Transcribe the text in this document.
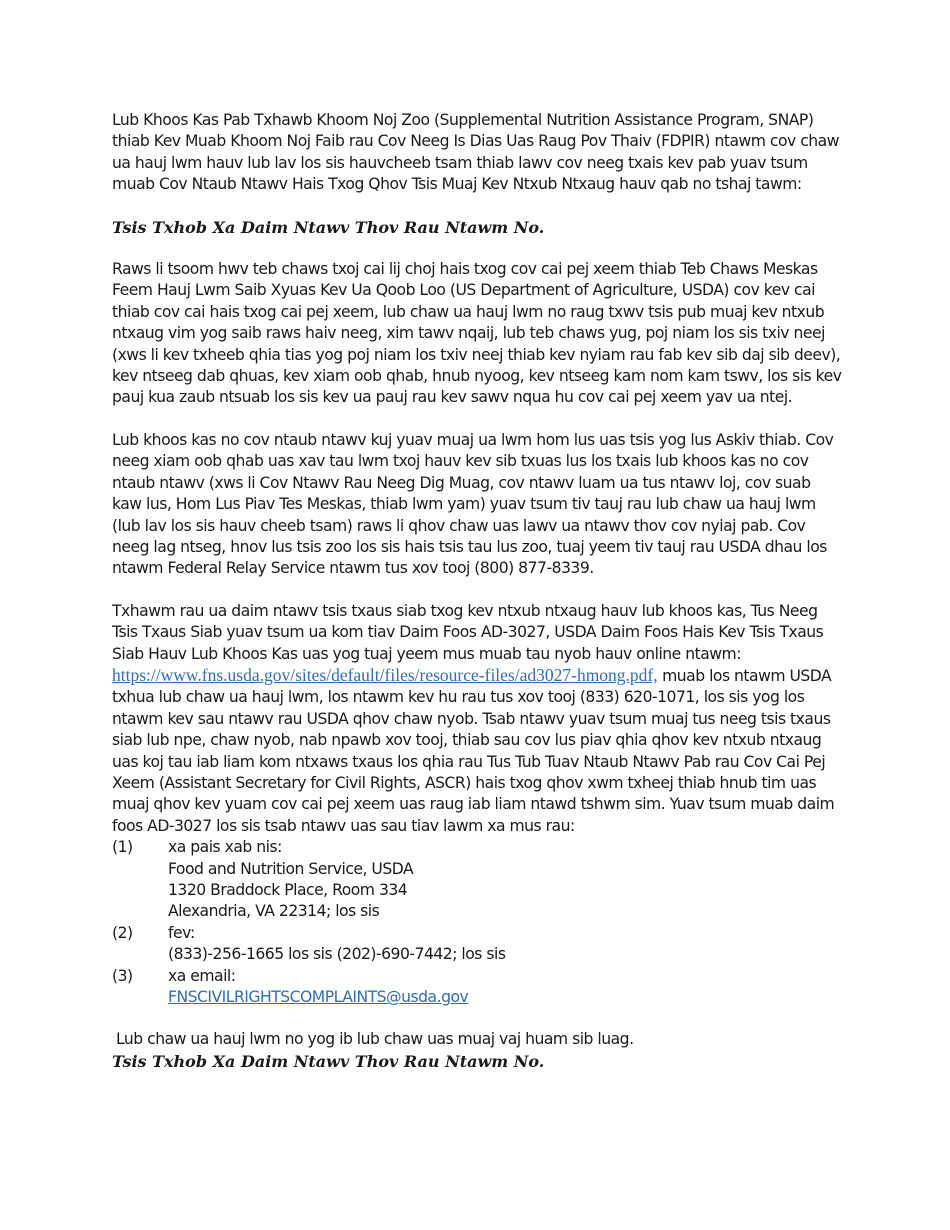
Lub Khoos Kas Pab Txhawb Khoom Noj Zoo (Supplemental Nutrition Assistance Program, SNAP) thiab Kev Muab Khoom Noj Faib rau Cov Neeg Is Dias Uas Raug Pov Thaiv (FDPIR) ntawm cov chaw ua hauj lwm hauv lub lav los sis hauvcheeb tsam thiab lawv cov neeg txais kev pab yuav tsum muab Cov Ntaub Ntawv Hais Txog Qhov Tsis Muaj Kev Ntxub Ntxaug hauv qab no tshaj tawm:

Tsis Txhob Xa Daim Ntawv Thov Rau Ntawm No.

Raws li tsoom hwv teb chaws txoj cai lij choj hais txog cov cai pej xeem thiab Teb Chaws Meskas Feem Hauj Lwm Saib Xyuas Kev Ua Qoob Loo (US Department of Agriculture, USDA) cov kev cai thiab cov cai hais txog cai pej xeem, lub chaw ua hauj lwm no raug txwv tsis pub muaj kev ntxub ntxaug vim yog saib raws haiv neeg, xim tawv nqaij, lub teb chaws yug, poj niam los sis txiv neej (xws li kev txheeb qhia tias yog poj niam los txiv neej thiab kev nyiam rau fab kev sib daj sib deev), kev ntseeg dab qhuas, kev xiam oob qhab, hnub nyoog, kev ntseeg kam nom kam tswv, los sis kev pauj kua zaub ntsuab los sis kev ua pauj rau kev sawv nqua hu cov cai pej xeem yav ua ntej.

Lub khoos kas no cov ntaub ntawv kuj yuav muaj ua lwm hom lus uas tsis yog lus Askiv thiab. Cov neeg xiam oob qhab uas xav tau lwm txoj hauv kev sib txuas lus los txais lub khoos kas no cov ntaub ntawv (xws li Cov Ntawv Rau Neeg Dig Muag, cov ntawv luam ua tus ntawv loj, cov suab kaw lus, Hom Lus Piav Tes Meskas, thiab lwm yam) yuav tsum tiv tauj rau lub chaw ua hauj lwm (lub lav los sis hauv cheeb tsam) raws li qhov chaw uas lawv ua ntawv thov cov nyiaj pab. Cov neeg lag ntseg, hnov lus tsis zoo los sis hais tsis tau lus zoo, tuaj yeem tiv tauj rau USDA dhau los ntawm Federal Relay Service ntawm tus xov tooj (800) 877-8339.

Txhawm rau ua daim ntawv tsis txaus siab txog kev ntxub ntxaug hauv lub khoos kas, Tus Neeg Tsis Txaus Siab yuav tsum ua kom tiav Daim Foos AD-3027, USDA Daim Foos Hais Kev Tsis Txaus Siab Hauv Lub Khoos Kas uas yog tuaj yeem mus muab tau nyob hauv online ntawm: https://www.fns.usda.gov/sites/default/files/resource-files/ad3027-hmong.pdf, muab los ntawm USDA txhua lub chaw ua hauj lwm, los ntawm kev hu rau tus xov tooj (833) 620-1071, los sis yog los ntawm kev sau ntawv rau USDA qhov chaw nyob. Tsab ntawv yuav tsum muaj tus neeg tsis txaus siab lub npe, chaw nyob, nab npawb xov tooj, thiab sau cov lus piav qhia qhov kev ntxub ntxaug uas koj tau iab liam kom ntxaws txaus los qhia rau Tus Tub Tuav Ntaub Ntawv Pab rau Cov Cai Pej Xeem (Assistant Secretary for Civil Rights, ASCR) hais txog qhov xwm txheej thiab hnub tim uas muaj qhov kev yuam cov cai pej xeem uas raug iab liam ntawd tshwm sim. Yuav tsum muab daim foos AD-3027 los sis tsab ntawv uas sau tiav lawm xa mus rau:

(1)	xa pais xab nis:
Food and Nutrition Service, USDA
1320 Braddock Place, Room 334
Alexandria, VA 22314; los sis
(2)	fev:
(833)-256-1665 los sis (202)-690-7442; los sis
(3)	xa email:
FNSCIVILRIGHTSCOMPLAINTS@usda.gov

Lub chaw ua hauj lwm no yog ib lub chaw uas muaj vaj huam sib luag.

Tsis Txhob Xa Daim Ntawv Thov Rau Ntawm No.
